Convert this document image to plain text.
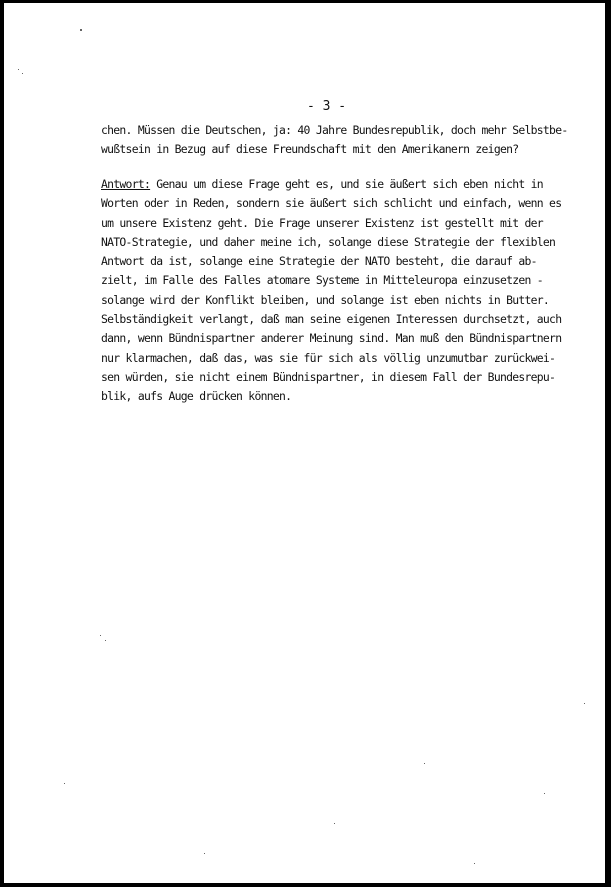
- 3 -
chen. Müssen die Deutschen, ja: 40 Jahre Bundesrepublik, doch mehr Selbstbe-
wußtsein in Bezug auf diese Freundschaft mit den Amerikanern zeigen?
Antwort: Genau um diese Frage geht es, und sie äußert sich eben nicht in
Worten oder in Reden, sondern sie äußert sich schlicht und einfach, wenn es
um unsere Existenz geht. Die Frage unserer Existenz ist gestellt mit der
NATO-Strategie, und daher meine ich, solange diese Strategie der flexiblen
Antwort da ist, solange eine Strategie der NATO besteht, die darauf ab-
zielt, im Falle des Falles atomare Systeme in Mitteleuropa einzusetzen -
solange wird der Konflikt bleiben, und solange ist eben nichts in Butter.
Selbständigkeit verlangt, daß man seine eigenen Interessen durchsetzt, auch
dann, wenn Bündnispartner anderer Meinung sind. Man muß den Bündnispartnern
nur klarmachen, daß das, was sie für sich als völlig unzumutbar zurückwei-
sen würden, sie nicht einem Bündnispartner, in diesem Fall der Bundesrepu-
blik, aufs Auge drücken können.
